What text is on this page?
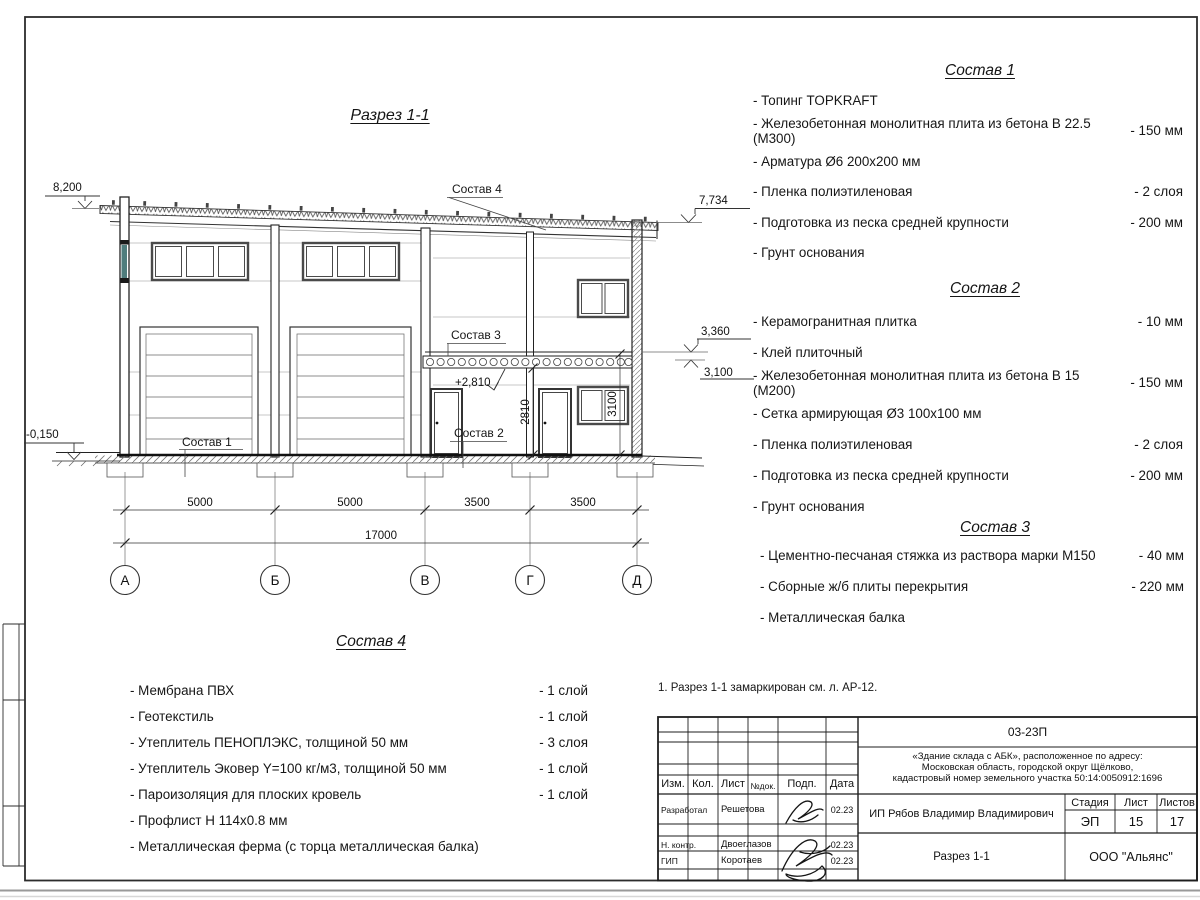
5000	5000	3500	3500
17000
2810	3100
А	Б	В	Г	Д
8,200
7,734
3,360
3,100
-0,150
+2,810
Состав 4
Состав 3
Состав 2
Состав 1
Разрез 1-1
Состав 1
- Топинг TOPKRAFT
- Железобетонная монолитная плита из бетона В 22.5 (М300)	- 150 мм
- Арматура Ø6 200х200 мм
- Пленка полиэтиленовая	- 2 слоя
- Подготовка из песка средней крупности	- 200 мм
- Грунт основания
Состав 2
- Керамогранитная плитка	- 10 мм
- Клей плиточный
- Железобетонная монолитная плита из бетона В 15 (М200)	- 150 мм
- Сетка армирующая Ø3 100х100 мм
- Пленка полиэтиленовая	- 2 слоя
- Подготовка из песка средней крупности	- 200 мм
- Грунт основания
Состав 3
- Цементно-песчаная стяжка из раствора марки М150	- 40 мм
- Сборные ж/б плиты перекрытия	- 220 мм
- Металлическая балка
Состав 4
- Мембрана ПВХ	- 1 слой
- Геотекстиль	- 1 слой
- Утеплитель ПЕНОПЛЭКС, толщиной 50 мм	- 3 слоя
- Утеплитель Эковер Y=100 кг/м3, толщиной 50 мм	- 1 слой
- Пароизоляция для плоских кровель	- 1 слой
- Профлист Н 114х0.8 мм
- Металлическая ферма (с торца металлическая балка)
1. Разрез 1-1 замаркирован см. л. АР-12.
03-23П
«Здание склада с АБК», расположенное по адресу:
Московская область, городской округ Щёлково,
кадастровый номер земельного участка 50:14:0050912:1696
ИП Рябов Владимир Владимирович
Стадия	Лист	Листов
ЭП	15	17
Разрез 1-1	ООО "Альянс"
Изм. Кол. Лист №док.	Подп.	Дата
Разработал	Решетова	02.23
Н. контр.	Двоеглазов	02.23
ГИП	Коротаев	02.23
